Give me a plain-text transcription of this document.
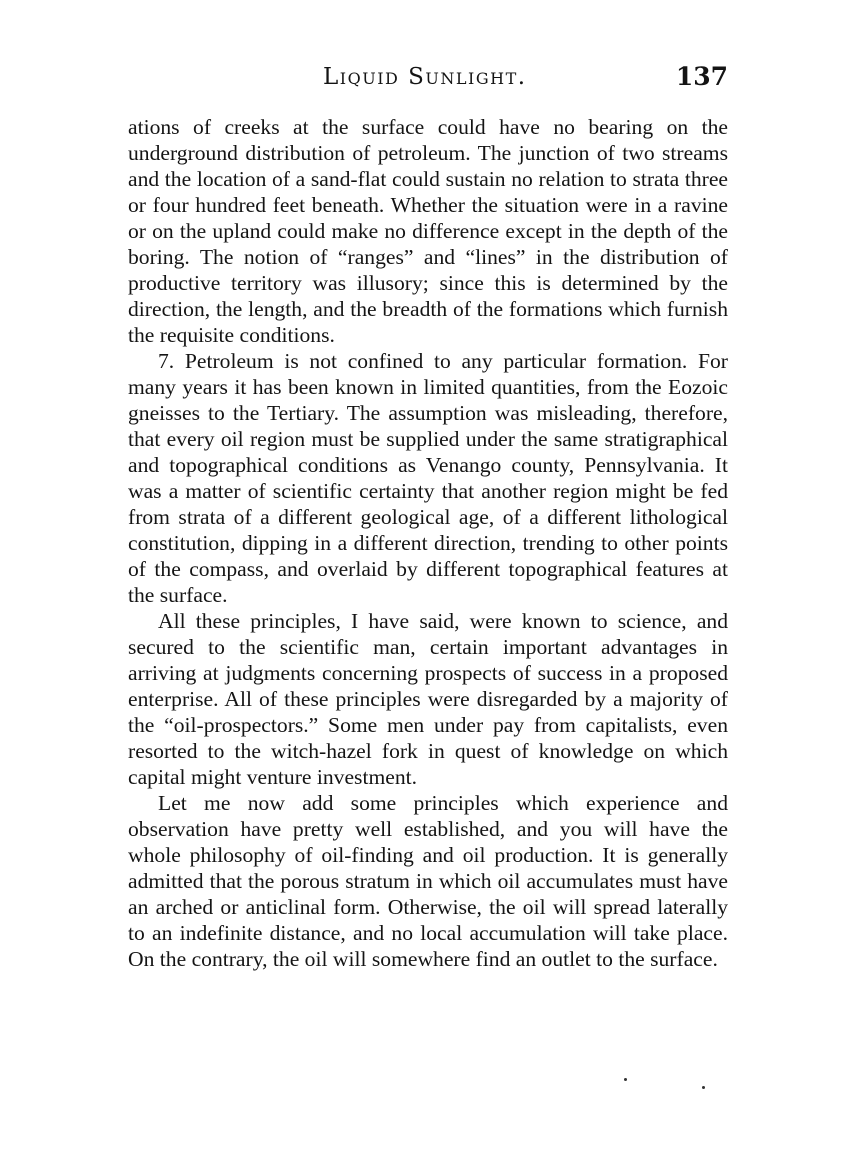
Liquid Sunlight.	137

ations of creeks at the surface could have no bearing on the underground distribution of petroleum. The junction of two streams and the location of a sand-flat could sustain no relation to strata three or four hundred feet beneath. Whether the situation were in a ravine or on the upland could make no difference except in the depth of the boring. The notion of “ranges” and “lines” in the distribution of productive territory was illusory; since this is determined by the direction, the length, and the breadth of the formations which furnish the requisite conditions.

7. Petroleum is not confined to any particular formation. For many years it has been known in limited quantities, from the Eozoic gneisses to the Tertiary. The assumption was misleading, therefore, that every oil region must be supplied under the same stratigraphical and topographical conditions as Venango county, Pennsylvania. It was a matter of scientific certainty that another region might be fed from strata of a different geological age, of a different lithological constitution, dipping in a different direction, trending to other points of the compass, and overlaid by different topographical features at the surface.

All these principles, I have said, were known to science, and secured to the scientific man, certain important advantages in arriving at judgments concerning prospects of success in a proposed enterprise. All of these principles were disregarded by a majority of the “oil-prospectors.” Some men under pay from capitalists, even resorted to the witch-hazel fork in quest of knowledge on which capital might venture investment.

Let me now add some principles which experience and observation have pretty well established, and you will have the whole philosophy of oil-finding and oil production. It is generally admitted that the porous stratum in which oil accumulates must have an arched or anticlinal form. Otherwise, the oil will spread laterally to an indefinite distance, and no local accumulation will take place. On the contrary, the oil will somewhere find an outlet to the surface.
